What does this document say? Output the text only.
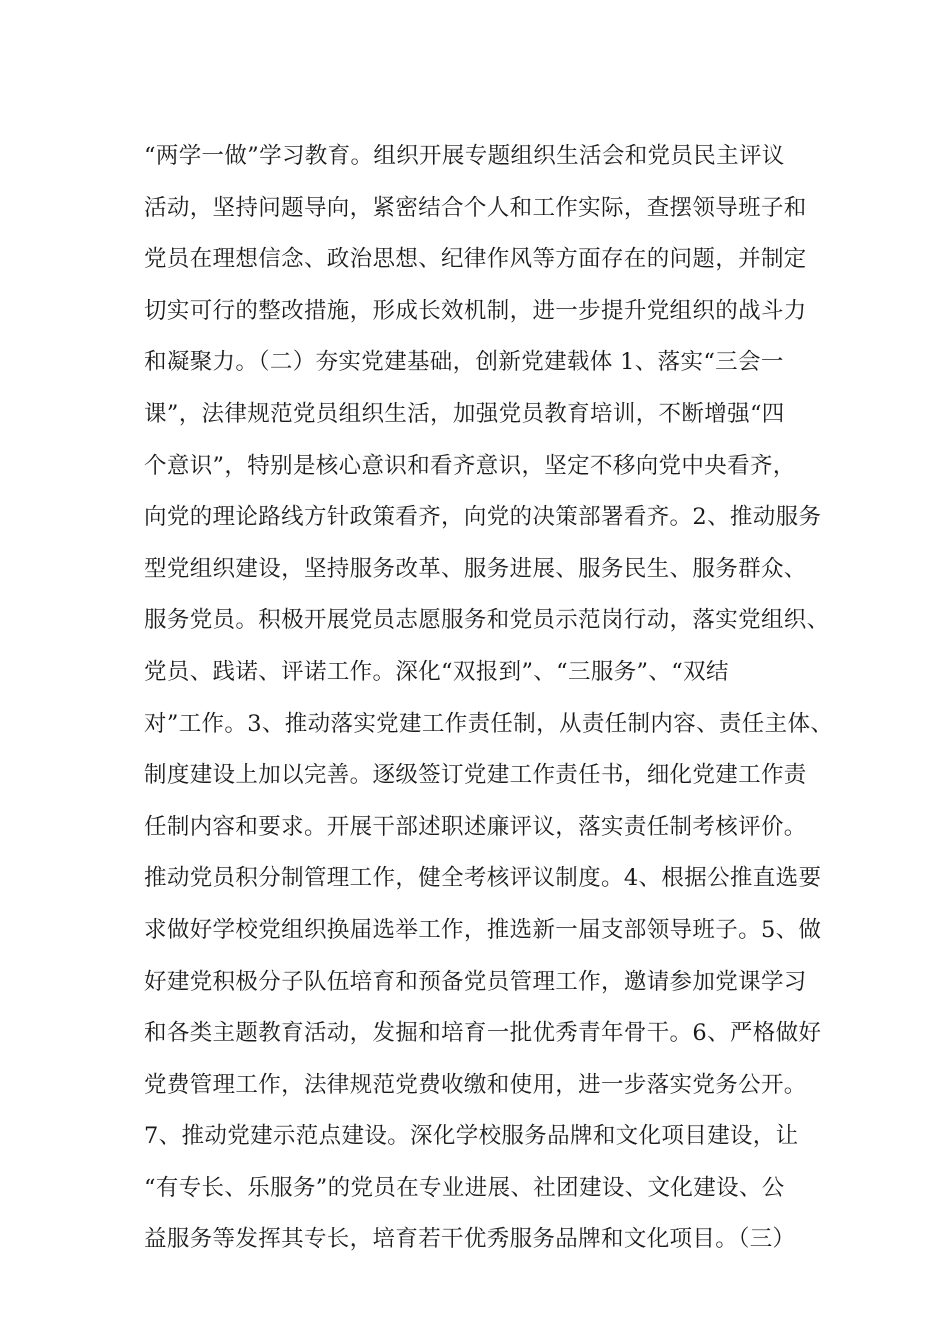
“两学一做”学习教育。组织开展专题组织生活会和党员民主评议
活动，坚持问题导向，紧密结合个人和工作实际，查摆领导班子和
党员在理想信念、政治思想、纪律作风等方面存在的问题，并制定
切实可行的整改措施，形成长效机制，进一步提升党组织的战斗力
和凝聚力。（二）夯实党建基础，创新党建载体 1、落实“三会一
课”，法律规范党员组织生活，加强党员教育培训，不断增强“四
个意识”，特别是核心意识和看齐意识，坚定不移向党中央看齐，
向党的理论路线方针政策看齐，向党的决策部署看齐。2、推动服务
型党组织建设，坚持服务改革、服务进展、服务民生、服务群众、
服务党员。积极开展党员志愿服务和党员示范岗行动，落实党组织、
党员、践诺、评诺工作。深化“双报到”、“三服务”、“双结
对”工作。3、推动落实党建工作责任制，从责任制内容、责任主体、
制度建设上加以完善。逐级签订党建工作责任书，细化党建工作责
任制内容和要求。开展干部述职述廉评议，落实责任制考核评价。
推动党员积分制管理工作，健全考核评议制度。4、根据公推直选要
求做好学校党组织换届选举工作，推选新一届支部领导班子。5、做
好建党积极分子队伍培育和预备党员管理工作，邀请参加党课学习
和各类主题教育活动，发掘和培育一批优秀青年骨干。6、严格做好
党费管理工作，法律规范党费收缴和使用，进一步落实党务公开。
7、推动党建示范点建设。深化学校服务品牌和文化项目建设，让
“有专长、乐服务”的党员在专业进展、社团建设、文化建设、公
益服务等发挥其专长，培育若干优秀服务品牌和文化项目。（三）
